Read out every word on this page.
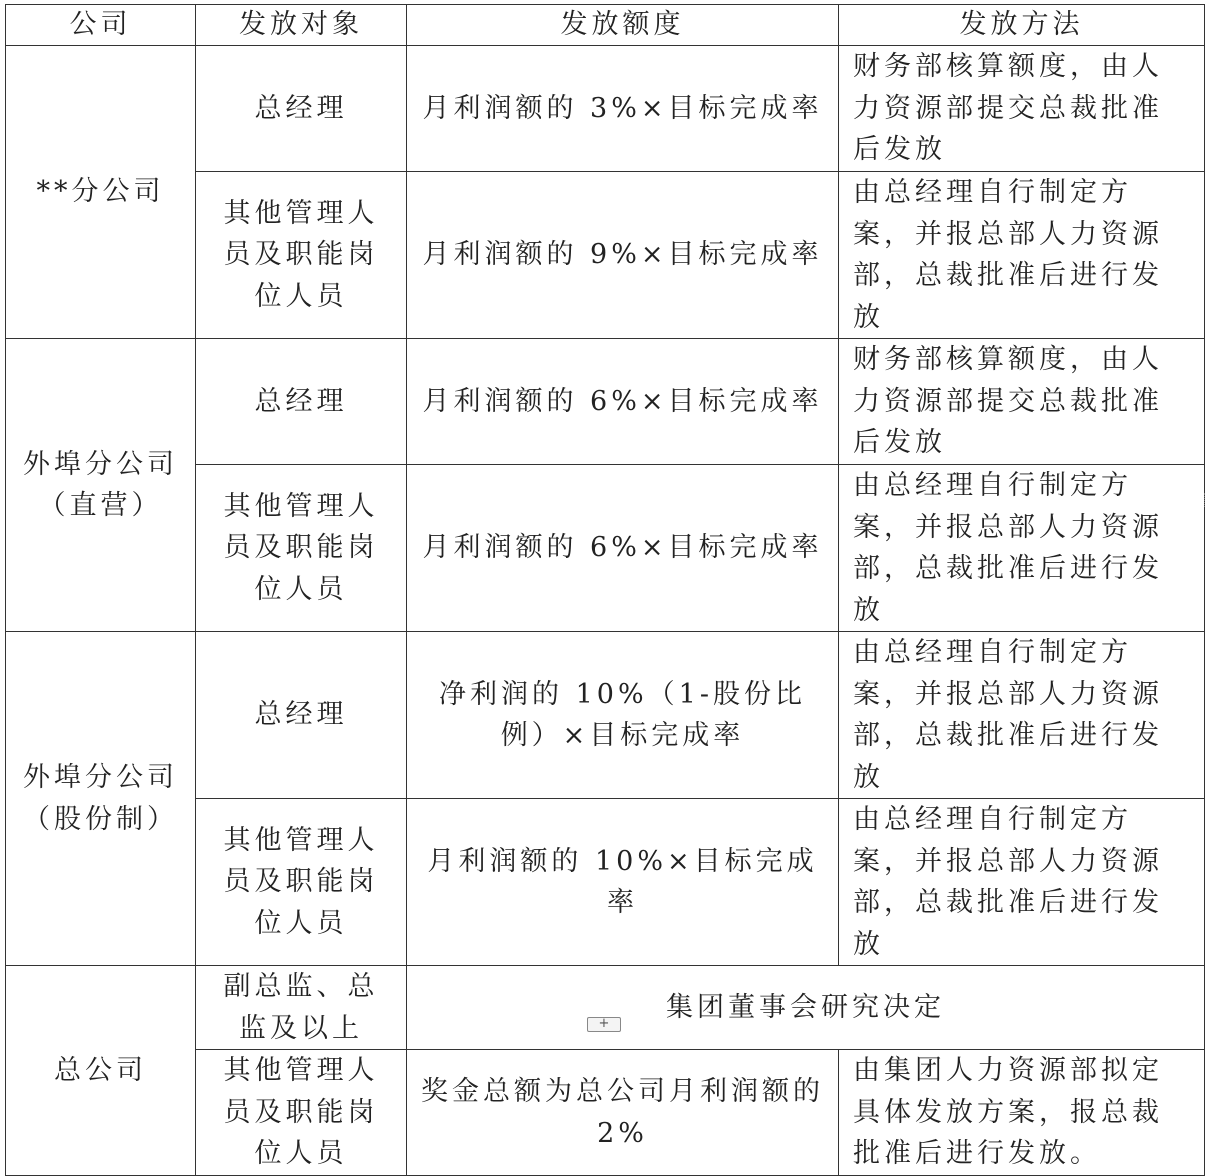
公司	发放对象	发放额度	发放方法
**分公司	总经理	月利润额的 3%×目标完成率	财务部核算额度，由人力资源部提交总裁批准后发放
	其他管理人员及职能岗位人员	月利润额的 9%×目标完成率	由总经理自行制定方案，并报总部人力资源部，总裁批准后进行发放
外埠分公司（直营）	总经理	月利润额的 6%×目标完成率	财务部核算额度，由人力资源部提交总裁批准后发放
	其他管理人员及职能岗位人员	月利润额的 6%×目标完成率	由总经理自行制定方案，并报总部人力资源部，总裁批准后进行发放
外埠分公司（股份制）	总经理	净利润的 10%（1-股份比例）×目标完成率	由总经理自行制定方案，并报总部人力资源部，总裁批准后进行发放
	其他管理人员及职能岗位人员	月利润额的 10%×目标完成率	由总经理自行制定方案，并报总部人力资源部，总裁批准后进行发放
总公司	副总监、总监及以上	集团董事会研究决定	
	其他管理人员及职能岗位人员	奖金总额为总公司月利润额的 2%	由集团人力资源部拟定具体发放方案，报总裁批准后进行发放。
+
